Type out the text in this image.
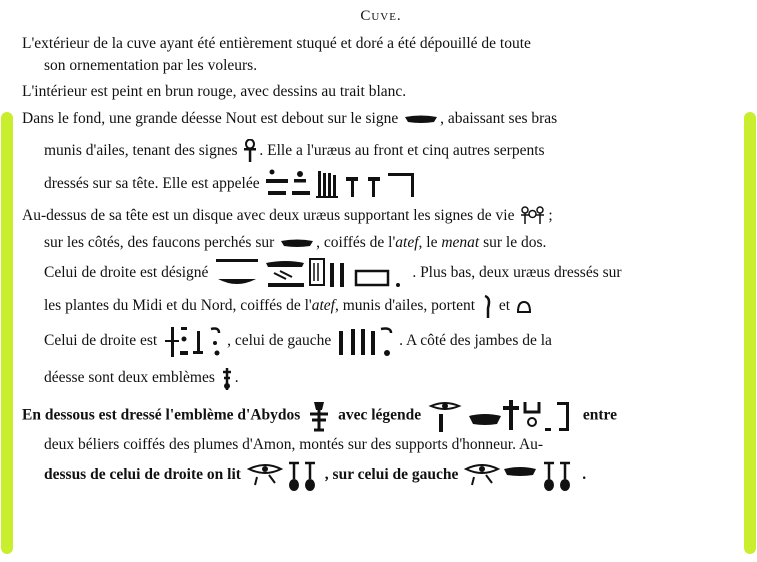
Cuve.
L'extérieur de la cuve ayant été entièrement stuqué et doré a été dépouillé de toute
son ornementation par les voleurs.
L'intérieur est peint en brun rouge, avec dessins au trait blanc.
Dans le fond, une grande déesse Nout est debout sur le signe	, abaissant ses bras
munis d'ailes, tenant des signes . Elle a l'uræus au front et cinq autres serpents
dressés sur sa tête. Elle est appelée
Au-dessus de sa tête est un disque avec deux uræus supportant les signes de vie ;
sur les côtés, des faucons perchés sur	, coiffés de l'atef, le menat sur le dos.
Celui de droite est désigné	. Plus bas, deux uræus dressés sur
les plantes du Midi et du Nord, coiffés de l'atef, munis d'ailes, portent et
Celui de droite est	, celui de gauche	. A côté des jambes de la
déesse sont deux emblèmes .
En dessous est dressé l'emblème d'Abydos avec légende	entre
deux béliers coiffés des plumes d'Amon, montés sur des supports d'honneur. Au-
dessus de celui de droite on lit	, sur celui de gauche	.
